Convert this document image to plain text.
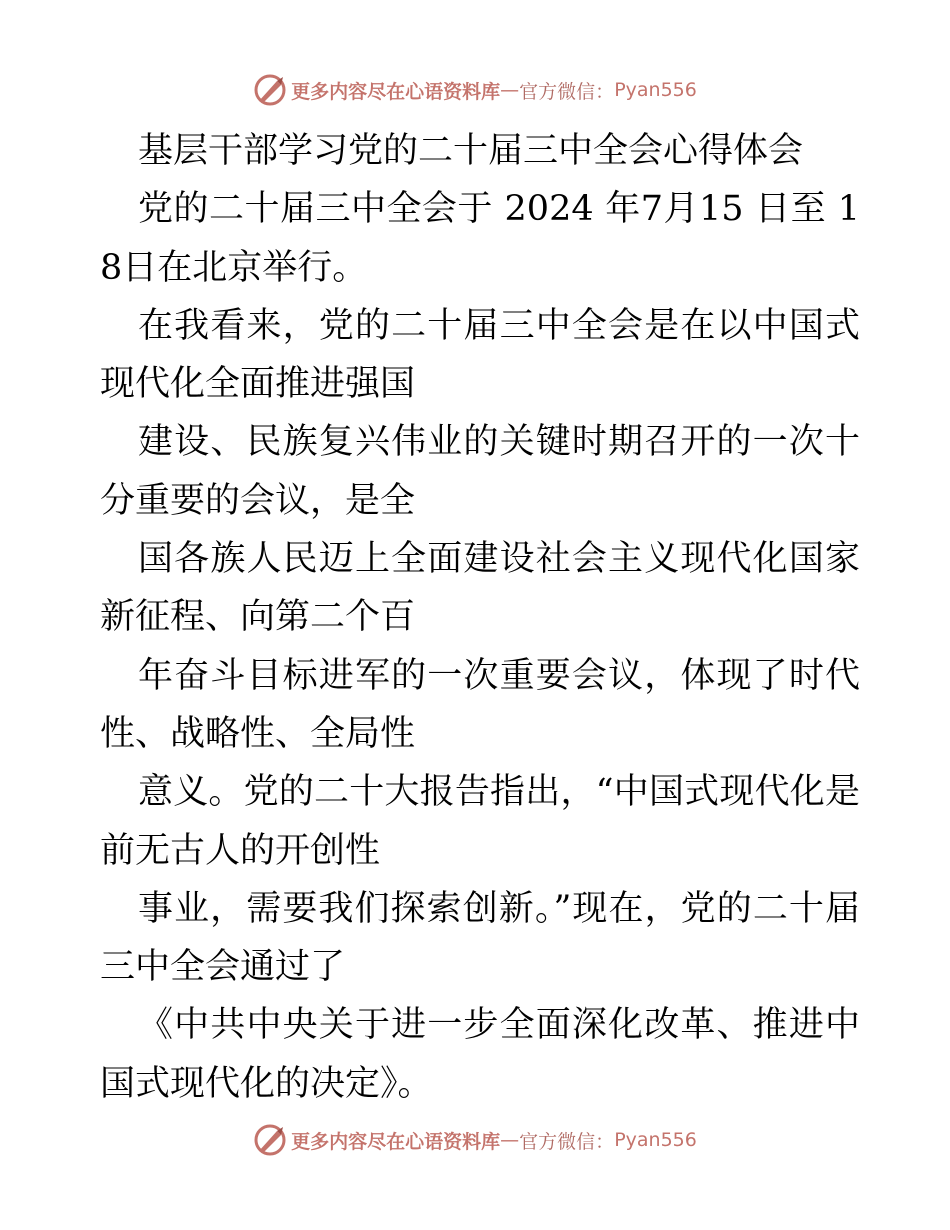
更多内容尽在心语资料库 — 官方微信： Pyan556

基层干部学习党的二十届三中全会心得体会

党的二十届三中全会于 2024 年7月15 日至 18日在北京举行。

在我看来，党的二十届三中全会是在以中国式现代化全面推进强国

建设、民族复兴伟业的关键时期召开的一次十分重要的会议，是全

国各族人民迈上全面建设社会主义现代化国家新征程、向第二个百

年奋斗目标进军的一次重要会议，体现了时代性、战略性、全局性

意义。党的二十大报告指出，“中国式现代化是前无古人的开创性

事业，需要我们探索创新。”现在，党的二十届三中全会通过了

《中共中央关于进一步全面深化改革、推进中国式现代化的决定》。

更多内容尽在心语资料库 — 官方微信： Pyan556
